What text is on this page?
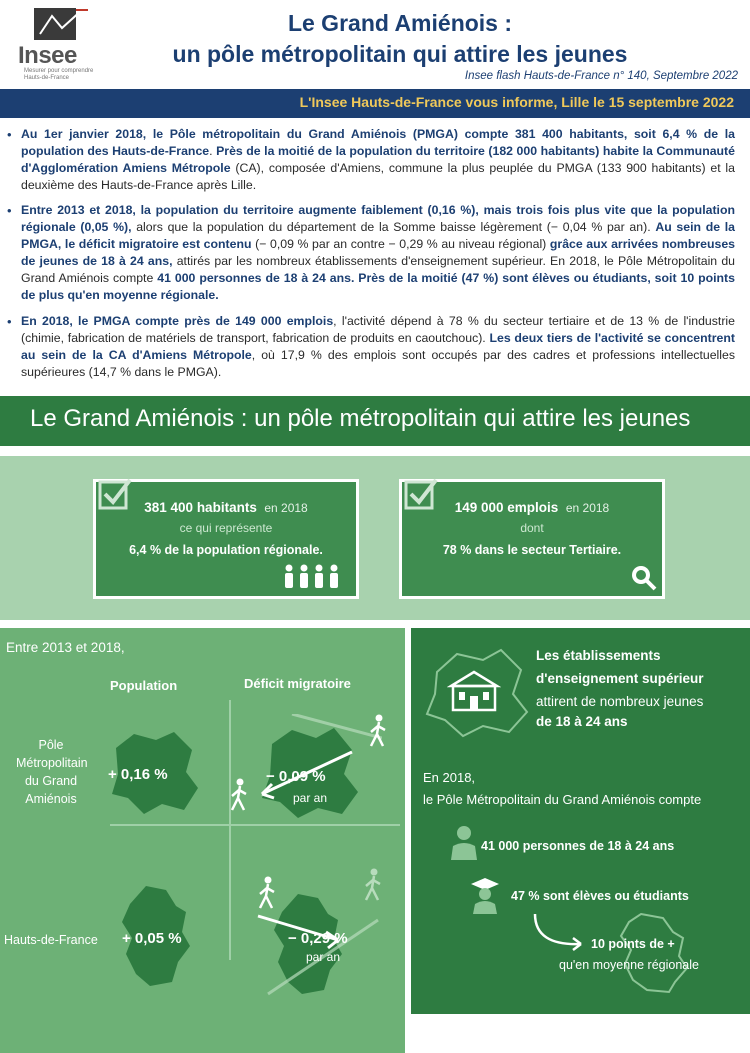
Insee
Mesurer pour comprendre Hauts-de-France
Le Grand Amiénois :
un pôle métropolitain qui attire les jeunes
Insee flash Hauts-de-France n° 140, Septembre 2022
L'Insee Hauts-de-France vous informe, Lille le 15 septembre 2022
• Au 1er janvier 2018, le Pôle métropolitain du Grand Amiénois (PMGA) compte 381 400 habitants, soit 6,4 % de la population des Hauts-de-France. Près de la moitié de la population du territoire (182 000 habitants) habite la Communauté d'Agglomération Amiens Métropole (CA), composée d'Amiens, commune la plus peuplée du PMGA (133 900 habitants) et la deuxième des Hauts-de-France après Lille.
• Entre 2013 et 2018, la population du territoire augmente faiblement (0,16 %), mais trois fois plus vite que la population régionale (0,05 %), alors que la population du département de la Somme baisse légèrement (− 0,04 % par an). Au sein de la PMGA, le déficit migratoire est contenu (− 0,09 % par an contre − 0,29 % au niveau régional) grâce aux arrivées nombreuses de jeunes de 18 à 24 ans, attirés par les nombreux établissements d'enseignement supérieur. En 2018, le Pôle Métropolitain du Grand Amiénois compte 41 000 personnes de 18 à 24 ans. Près de la moitié (47 %) sont élèves ou étudiants, soit 10 points de plus qu'en moyenne régionale.
• En 2018, le PMGA compte près de 149 000 emplois, l'activité dépend à 78 % du secteur tertiaire et de 13 % de l'industrie (chimie, fabrication de matériels de transport, fabrication de produits en caoutchouc). Les deux tiers de l'activité se concentrent au sein de la CA d'Amiens Métropole, où 17,9 % des emplois sont occupés par des cadres et professions intellectuelles supérieures (14,7 % dans le PMGA).
Le Grand Amiénois : un pôle métropolitain qui attire les jeunes
381 400 habitants en 2018
ce qui représente
6,4 % de la population régionale.
149 000 emplois en 2018
dont
78 % dans le secteur Tertiaire.
Entre 2013 et 2018,
Population	Déficit migratoire
Pôle
Métropolitain
du Grand
Amiénois
Hauts-de-France
+ 0,16 %	− 0,09 %
par an
+ 0,05 %	− 0,29 %
par an
Les établissements
d'enseignement supérieur
attirent de nombreux jeunes
de 18 à 24 ans
En 2018,
le Pôle Métropolitain du Grand Amiénois compte
41 000 personnes de 18 à 24 ans
47 % sont élèves ou étudiants
10 points de +
qu'en moyenne régionale
